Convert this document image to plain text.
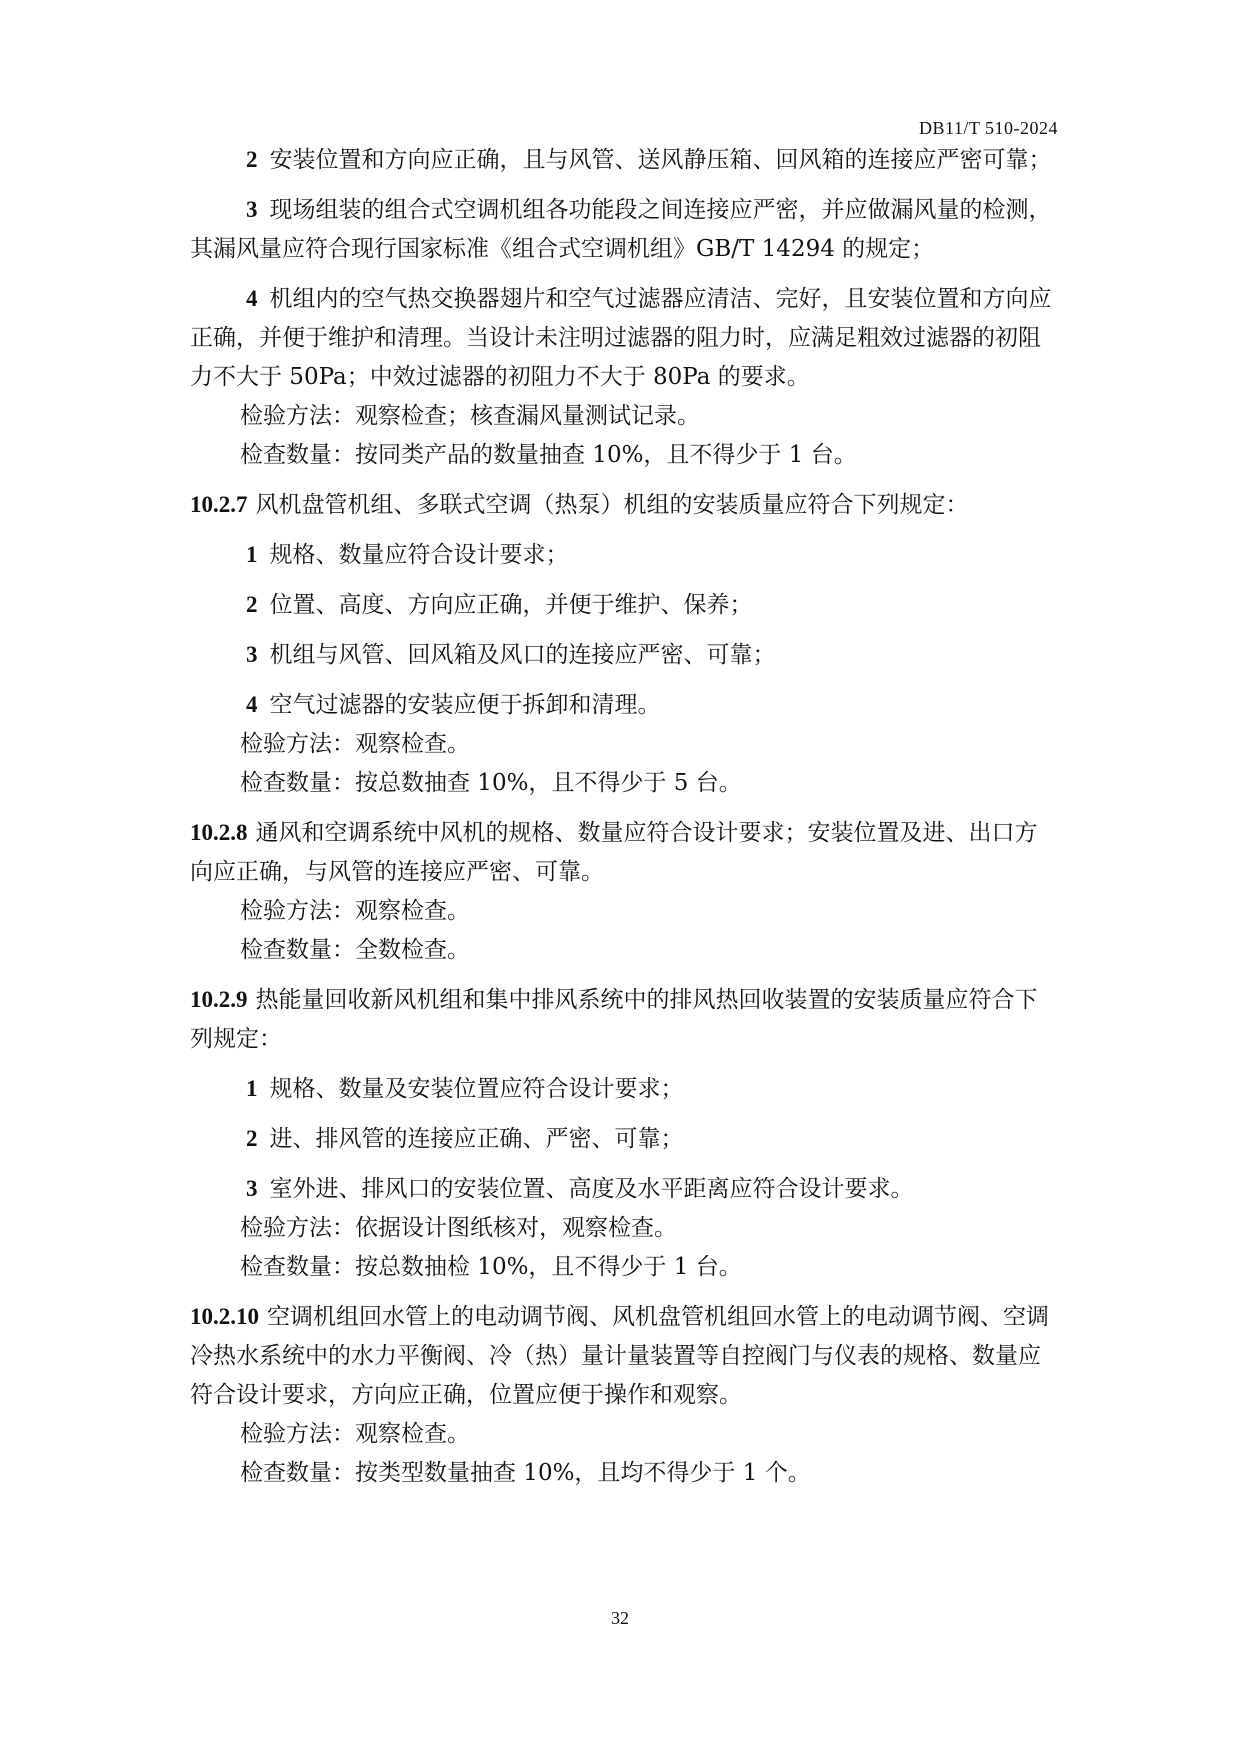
DB11/T 510-2024

2 安装位置和方向应正确，且与风管、送风静压箱、回风箱的连接应严密可靠；

3 现场组装的组合式空调机组各功能段之间连接应严密，并应做漏风量的检测，其漏风量应符合现行国家标准《组合式空调机组》GB/T 14294 的规定；

4 机组内的空气热交换器翅片和空气过滤器应清洁、完好，且安装位置和方向应正确，并便于维护和清理。当设计未注明过滤器的阻力时，应满足粗效过滤器的初阻力不大于 50Pa；中效过滤器的初阻力不大于 80Pa 的要求。

检验方法：观察检查；核查漏风量测试记录。

检查数量：按同类产品的数量抽查 10%，且不得少于 1 台。

10.2.7 风机盘管机组、多联式空调（热泵）机组的安装质量应符合下列规定：

1 规格、数量应符合设计要求；

2 位置、高度、方向应正确，并便于维护、保养；

3 机组与风管、回风箱及风口的连接应严密、可靠；

4 空气过滤器的安装应便于拆卸和清理。

检验方法：观察检查。

检查数量：按总数抽查 10%，且不得少于 5 台。

10.2.8 通风和空调系统中风机的规格、数量应符合设计要求；安装位置及进、出口方向应正确，与风管的连接应严密、可靠。

检验方法：观察检查。

检查数量：全数检查。

10.2.9 热能量回收新风机组和集中排风系统中的排风热回收装置的安装质量应符合下列规定：

1 规格、数量及安装位置应符合设计要求；

2 进、排风管的连接应正确、严密、可靠；

3 室外进、排风口的安装位置、高度及水平距离应符合设计要求。

检验方法：依据设计图纸核对，观察检查。

检查数量：按总数抽检 10%，且不得少于 1 台。

10.2.10 空调机组回水管上的电动调节阀、风机盘管机组回水管上的电动调节阀、空调冷热水系统中的水力平衡阀、冷（热）量计量装置等自控阀门与仪表的规格、数量应符合设计要求，方向应正确，位置应便于操作和观察。

检验方法：观察检查。

检查数量：按类型数量抽查 10%，且均不得少于 1 个。

32
